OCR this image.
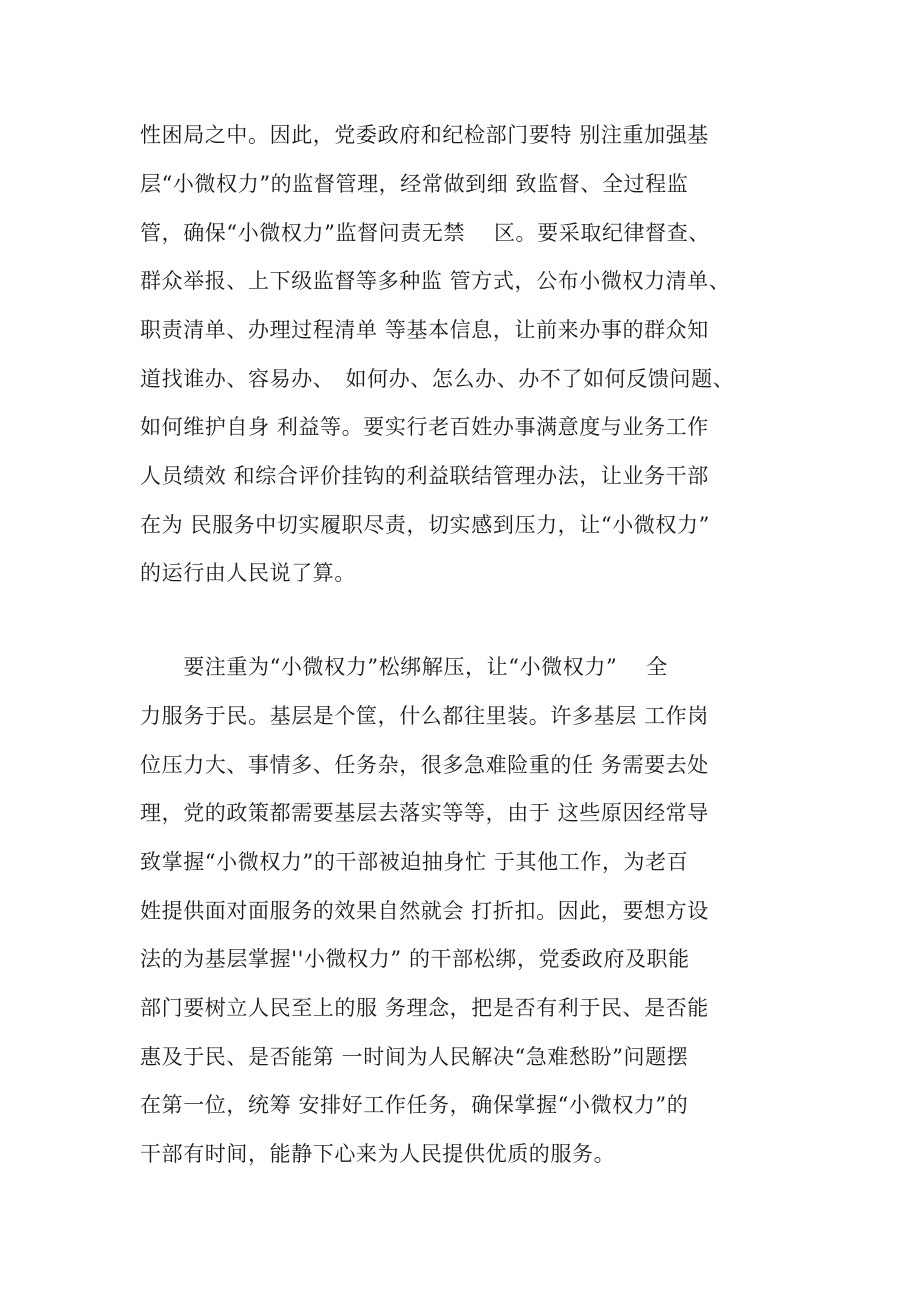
性困局之中。因此，党委政府和纪检部门要特 别注重加强基
层“小微权力”的监督管理，经常做到细 致监督、全过程监
管，确保“小微权力”监督问责无禁　 区。要采取纪律督查、
群众举报、上下级监督等多种监 管方式，公布小微权力清单、
职责清单、办理过程清单 等基本信息，让前来办事的群众知
道找谁办、容易办、　如何办、怎么办、办不了如何反馈问题、
如何维护自身 利益等。要实行老百姓办事满意度与业务工作
人员绩效 和综合评价挂钩的利益联结管理办法，让业务干部
在为 民服务中切实履职尽责，切实感到压力，让“小微权力”
的运行由人民说了算。
　　要注重为“小微权力”松绑解压，让“小微权力”　 全
力服务于民。基层是个筐，什么都往里装。许多基层 工作岗
位压力大、事情多、任务杂，很多急难险重的任 务需要去处
理，党的政策都需要基层去落实等等，由于 这些原因经常导
致掌握“小微权力”的干部被迫抽身忙 于其他工作，为老百
姓提供面对面服务的效果自然就会 打折扣。因此，要想方设
法的为基层掌握''小微权力” 的干部松绑，党委政府及职能
部门要树立人民至上的服 务理念，把是否有利于民、是否能
惠及于民、是否能第 一时间为人民解决“急难愁盼”问题摆
在第一位，统筹 安排好工作任务，确保掌握“小微权力”的
干部有时间，能静下心来为人民提供优质的服务。
